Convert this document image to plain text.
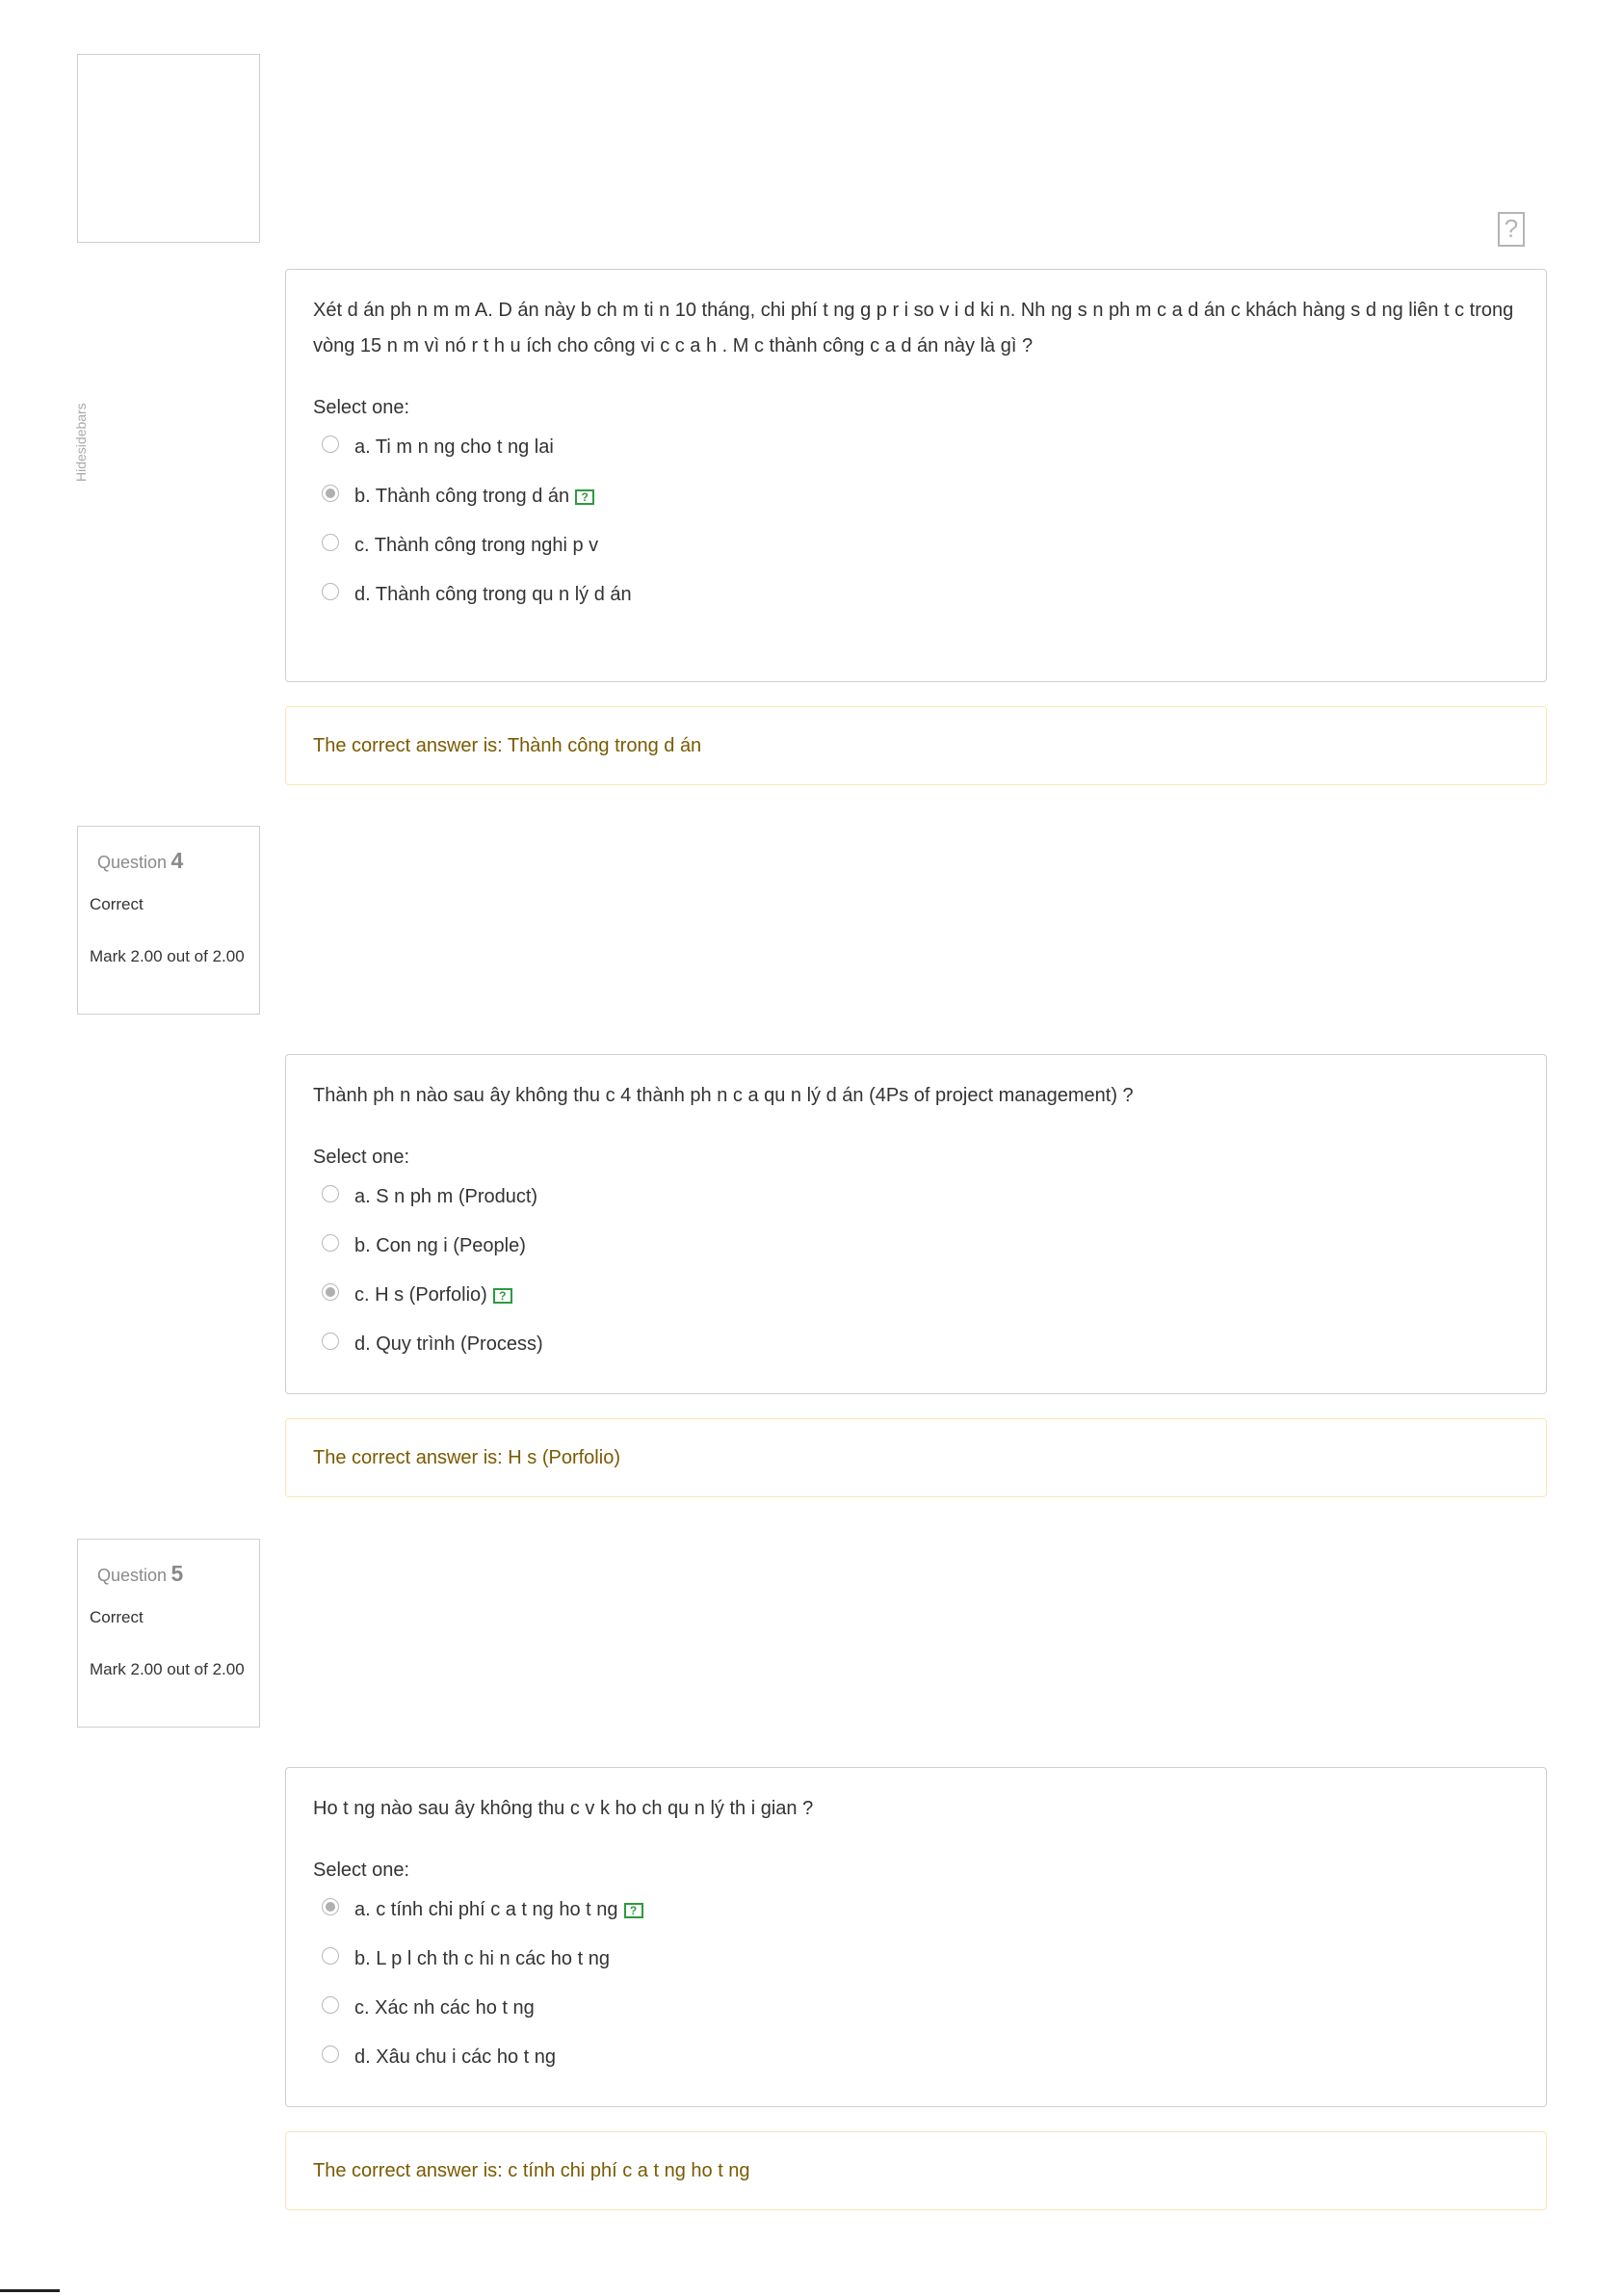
Hidesidebars
?
Xét d án ph n m m A. D án này b ch m ti n 10 tháng, chi phí t ng g p r i so v i d ki n. Nh ng s n ph m c a d án c khách hàng s d ng liên t c trong vòng 15 n m vì nó r t h u ích cho công vi c c a h . M c thành công c a d án này là gì ?
Select one:
a. Ti m n ng cho t ng lai
b. Thành công trong d án	?
c. Thành công trong nghi p v
d. Thành công trong qu n lý d án
The correct answer is: Thành công trong d án
Question 4
Correct
Mark 2.00 out of 2.00
Thành ph n nào sau ây không thu c 4 thành ph n c a qu n lý d án (4Ps of project management) ?
Select one:
a. S n ph m (Product)
b. Con ng i (People)
c. H s (Porfolio)	?
d. Quy trình (Process)
The correct answer is: H s (Porfolio)
Question 5
Correct
Mark 2.00 out of 2.00
Ho t ng nào sau ây không thu c v k ho ch qu n lý th i gian ?
Select one:
a. c tính chi phí c a t ng ho t ng	?
b. L p l ch th c hi n các ho t ng
c. Xác nh các ho t ng
d. Xâu chu i các ho t ng
The correct answer is: c tính chi phí c a t ng ho t ng
